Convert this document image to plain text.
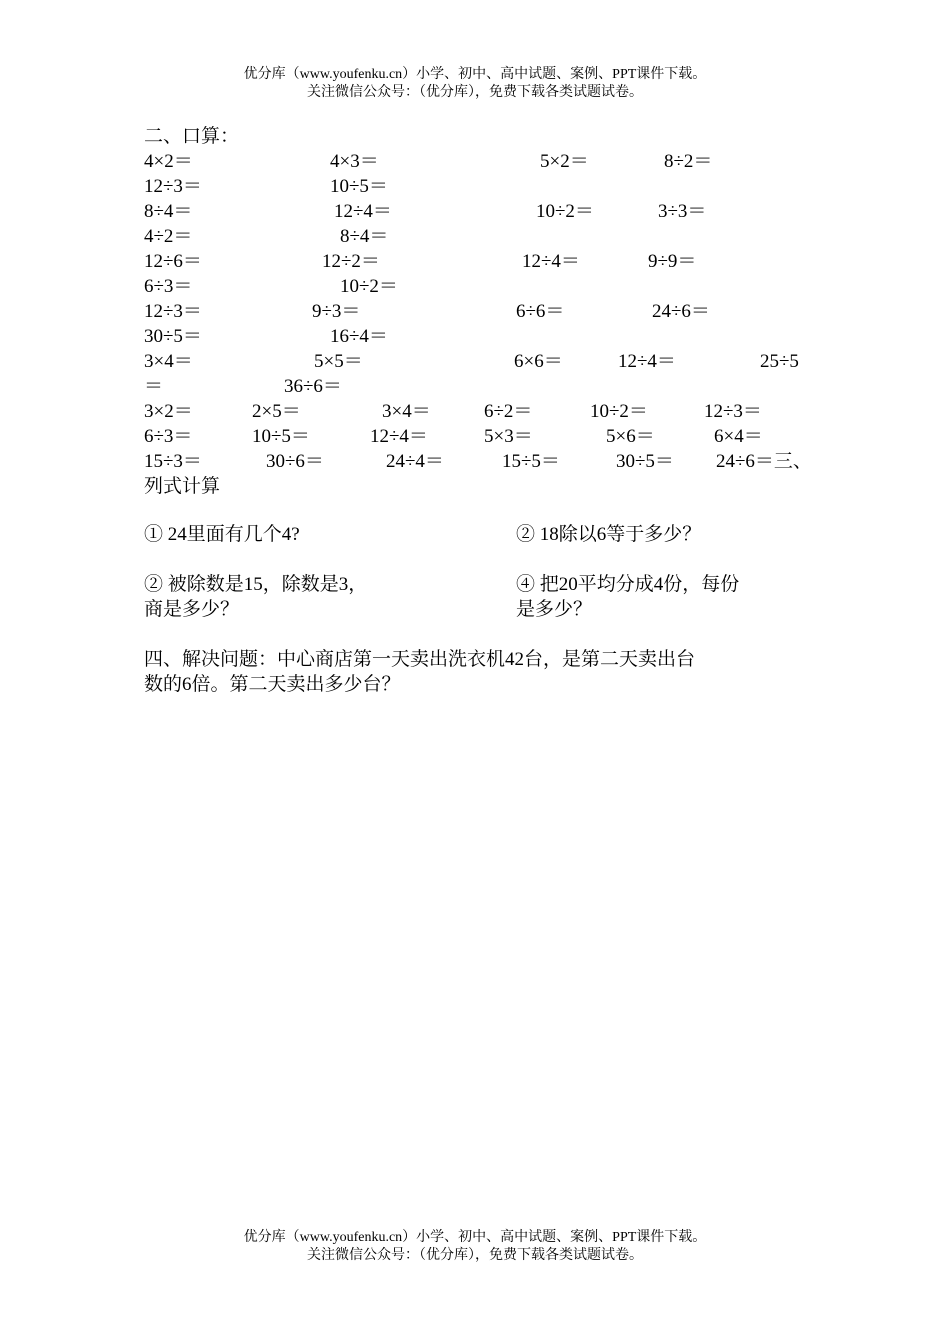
优分库（www.youfenku.cn）小学、初中、高中试题、案例、PPT课件下载。
关注微信公众号：（优分库），免费下载各类试题试卷。
二、口算：
4×2＝	4×3＝	5×2＝	8÷2＝
12÷3＝	10÷5＝
8÷4＝	12÷4＝	10÷2＝	3÷3＝
4÷2＝	8÷4＝
12÷6＝	12÷2＝	12÷4＝	9÷9＝
6÷3＝	10÷2＝
12÷3＝	9÷3＝	6÷6＝	24÷6＝
30÷5＝	16÷4＝
3×4＝	5×5＝	6×6＝	12÷4＝	25÷5
＝	36÷6＝
3×2＝	2×5＝	3×4＝	6÷2＝	10÷2＝	12÷3＝
6÷3＝	10÷5＝	12÷4＝	5×3＝	5×6＝	6×4＝
15÷3＝	30÷6＝	24÷4＝	15÷5＝	30÷5＝ 24÷6＝三、
列式计算
① 24里面有几个4?	② 18除以6等于多少？
② 被除数是15，除数是3，
商是多少？
④ 把20平均分成4份，每份
是多少？
四、解决问题：中心商店第一天卖出洗衣机42台，是第二天卖出台
数的6倍。第二天卖出多少台？
优分库（www.youfenku.cn）小学、初中、高中试题、案例、PPT课件下载。
关注微信公众号：（优分库），免费下载各类试题试卷。
